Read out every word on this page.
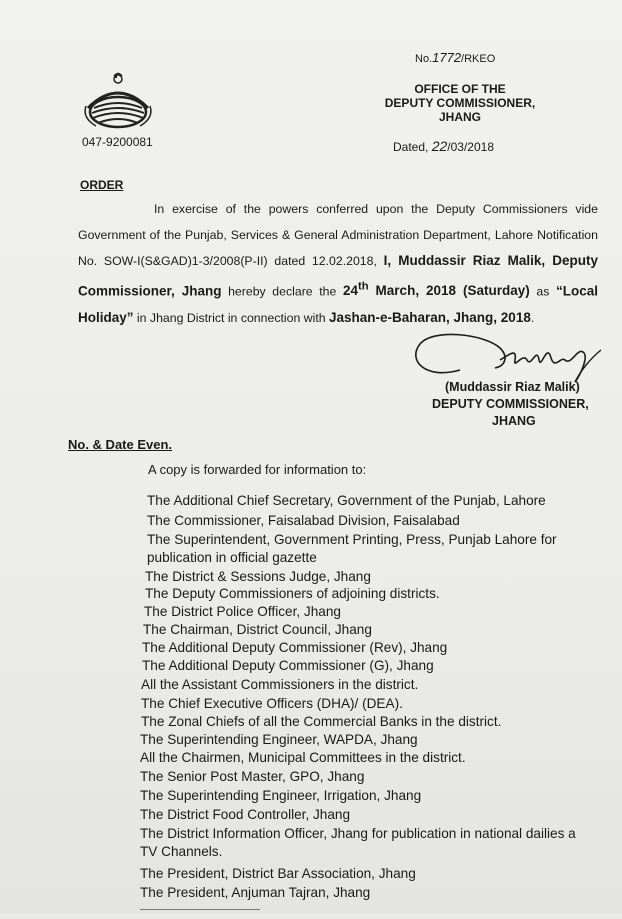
047-9200081
No.1772/RKEO
OFFICE OF THE
DEPUTY COMMISSIONER,
JHANG
Dated, 22/03/2018
ORDER
In exercise of the powers conferred upon the Deputy Commissioners vide Government of the Punjab, Services & General Administration Department, Lahore Notification No. SOW-I(S&GAD)1-3/2008(P-II) dated 12.02.2018, I, Muddassir Riaz Malik, Deputy Commissioner, Jhang hereby declare the 24th March, 2018 (Saturday) as “Local Holiday” in Jhang District in connection with Jashan-e-Baharan, Jhang, 2018.
(Muddassir Riaz Malik)
DEPUTY COMMISSIONER,
JHANG
No. & Date Even.
A copy is forwarded for information to:
The Additional Chief Secretary, Government of the Punjab, Lahore
The Commissioner, Faisalabad Division, Faisalabad
The Superintendent, Government Printing, Press, Punjab Lahore for
publication in official gazette
The District & Sessions Judge, Jhang
The Deputy Commissioners of adjoining districts.
The District Police Officer, Jhang
The Chairman, District Council, Jhang
The Additional Deputy Commissioner (Rev), Jhang
The Additional Deputy Commissioner (G), Jhang
All the Assistant Commissioners in the district.
The Chief Executive Officers (DHA)/ (DEA).
The Zonal Chiefs of all the Commercial Banks in the district.
The Superintending Engineer, WAPDA, Jhang
All the Chairmen, Municipal Committees in the district.
The Senior Post Master, GPO, Jhang
The Superintending Engineer, Irrigation, Jhang
The District Food Controller, Jhang
The District Information Officer, Jhang for publication in national dailies a
TV Channels.
The President, District Bar Association, Jhang
The President, Anjuman Tajran, Jhang
